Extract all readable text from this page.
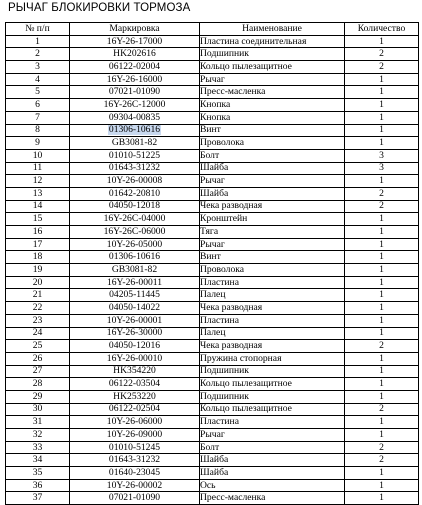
РЫЧАГ БЛОКИРОВКИ ТОРМОЗА
№ п/п	Маркировка	Наименование	Количество
1	16Y-26-17000	Пластина соединительная	1
2	HK202616	Подшипник	2
3	06122-02004	Кольцо пылезащитное	2
4	16Y-26-16000	Рычаг	1
5	07021-01090	Пресс-масленка	1
6	16Y-26C-12000	Кнопка	1
7	09304-00835	Кнопка	1
8	01306-10616	Винт	1
9	GB3081-82	Проволока	1
10	01010-51225	Болт	3
11	01643-31232	Шайба	3
12	10Y-26-00008	Рычаг	1
13	01642-20810	Шайба	2
14	04050-12018	Чека разводная	2
15	16Y-26C-04000	Кронштейн	1
16	16Y-26C-06000	Тяга	1
17	10Y-26-05000	Рычаг	1
18	01306-10616	Винт	1
19	GB3081-82	Проволока	1
20	16Y-26-00011	Пластина	1
21	04205-11445	Палец	1
22	04050-14022	Чека разводная	1
23	10Y-26-00001	Пластина	1
24	16Y-26-30000	Палец	1
25	04050-12016	Чека разводная	2
26	16Y-26-00010	Пружина стопорная	1
27	HK354220	Подшипник	1
28	06122-03504	Кольцо пылезащитное	1
29	HK253220	Подшипник	1
30	06122-02504	Кольцо пылезащитное	2
31	10Y-26-06000	Пластина	1
32	10Y-26-09000	Рычаг	1
33	01010-51245	Болт	2
34	01643-31232	Шайба	2
35	01640-23045	Шайба	1
36	10Y-26-00002	Ось	1
37	07021-01090	Пресс-масленка	1
